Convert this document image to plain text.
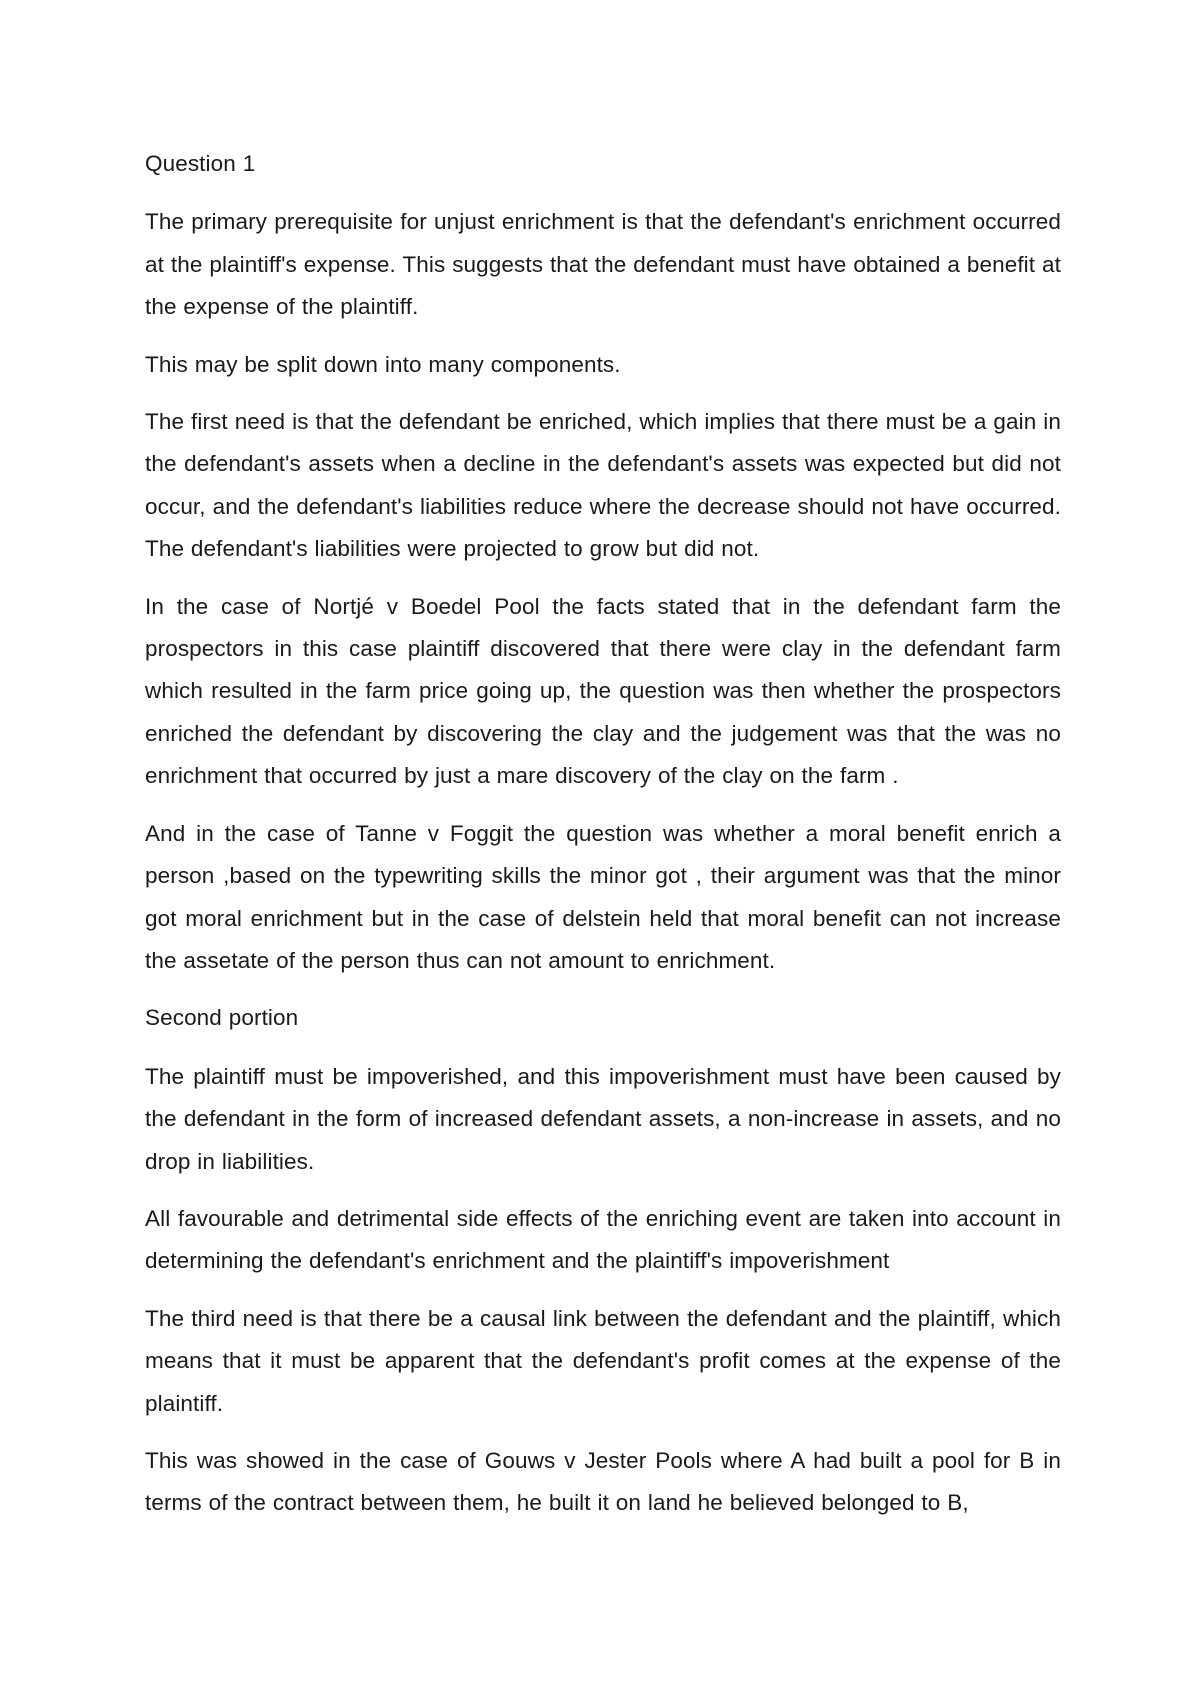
Question 1

The primary prerequisite for unjust enrichment is that the defendant's enrichment occurred at the plaintiff's expense. This suggests that the defendant must have obtained a benefit at the expense of the plaintiff.

This may be split down into many components.

The first need is that the defendant be enriched, which implies that there must be a gain in the defendant's assets when a decline in the defendant's assets was expected but did not occur, and the defendant's liabilities reduce where the decrease should not have occurred. The defendant's liabilities were projected to grow but did not.

In the case of Nortjé v Boedel Pool the facts stated that in the defendant farm the prospectors in this case plaintiff discovered that there were clay in the defendant farm which resulted in the farm price going up, the question was then whether the prospectors enriched the defendant by discovering the clay and the judgement was that the was no enrichment that occurred by just a mare discovery of the clay on the farm .

And in the case of Tanne v Foggit the question was whether a moral benefit enrich a person ,based on the typewriting skills the minor got , their argument was that the minor got moral enrichment but in the case of delstein held that moral benefit can not increase the assetate of the person thus can not amount to enrichment.

Second portion

The plaintiff must be impoverished, and this impoverishment must have been caused by the defendant in the form of increased defendant assets, a non-increase in assets, and no drop in liabilities.

All favourable and detrimental side effects of the enriching event are taken into account in determining the defendant's enrichment and the plaintiff's impoverishment

The third need is that there be a causal link between the defendant and the plaintiff, which means that it must be apparent that the defendant's profit comes at the expense of the plaintiff.

This was showed in the case of Gouws v Jester Pools where A had built a pool for B in terms of the contract between them, he built it on land he believed belonged to B,
